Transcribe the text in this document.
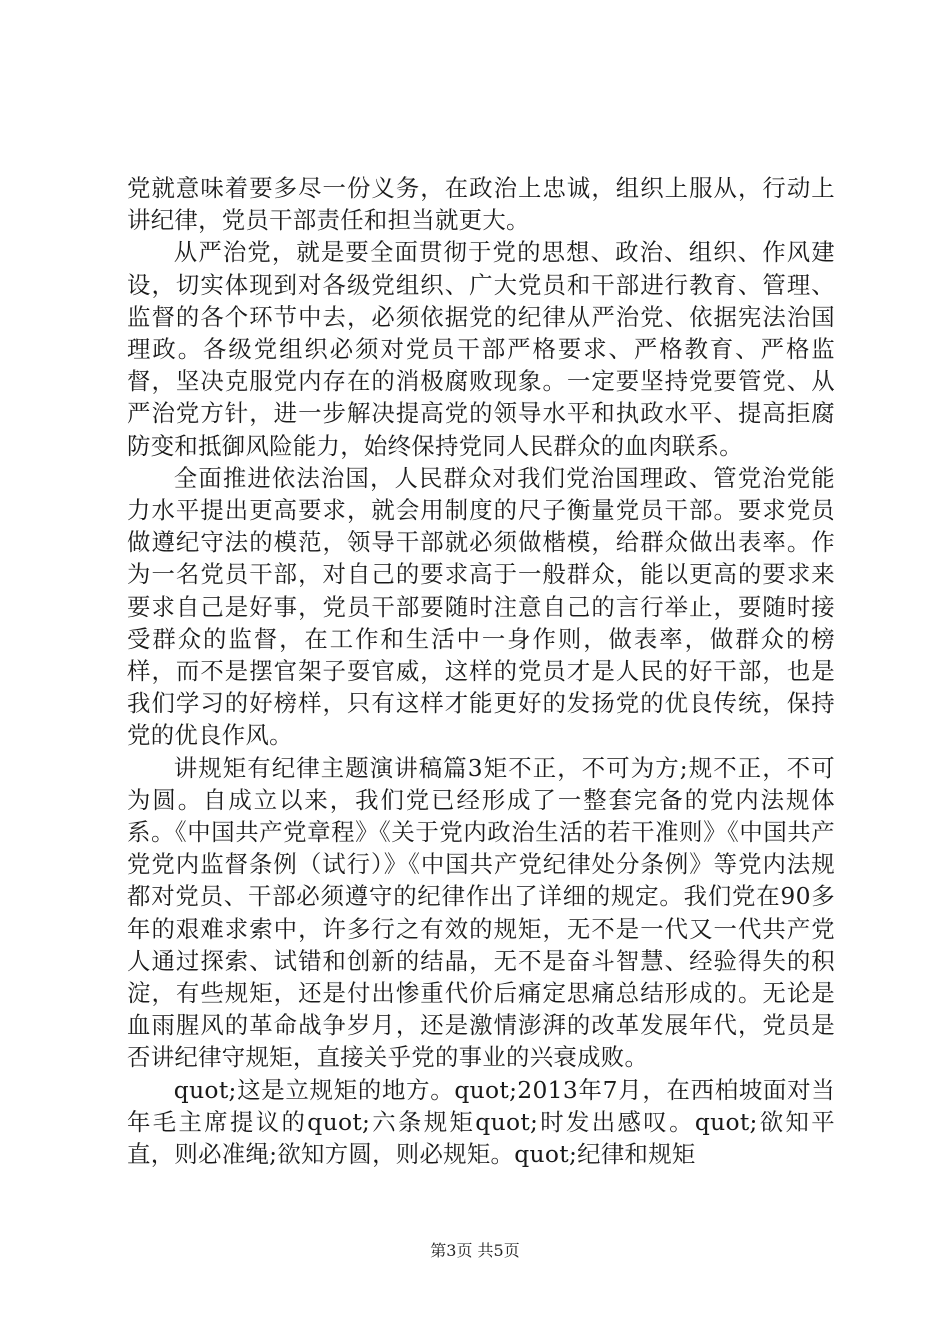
党就意味着要多尽一份义务，在政治上忠诚，组织上服从，行动上讲纪律，党员干部责任和担当就更大。

从严治党，就是要全面贯彻于党的思想、政治、组织、作风建设，切实体现到对各级党组织、广大党员和干部进行教育、管理、监督的各个环节中去，必须依据党的纪律从严治党、依据宪法治国理政。各级党组织必须对党员干部严格要求、严格教育、严格监督，坚决克服党内存在的消极腐败现象。一定要坚持党要管党、从严治党方针，进一步解决提高党的领导水平和执政水平、提高拒腐防变和抵御风险能力，始终保持党同人民群众的血肉联系。

全面推进依法治国，人民群众对我们党治国理政、管党治党能力水平提出更高要求，就会用制度的尺子衡量党员干部。要求党员做遵纪守法的模范，领导干部就必须做楷模，给群众做出表率。作为一名党员干部，对自己的要求高于一般群众，能以更高的要求来要求自己是好事，党员干部要随时注意自己的言行举止，要随时接受群众的监督，在工作和生活中一身作则，做表率，做群众的榜样，而不是摆官架子耍官威，这样的党员才是人民的好干部，也是我们学习的好榜样，只有这样才能更好的发扬党的优良传统，保持党的优良作风。

讲规矩有纪律主题演讲稿篇3矩不正，不可为方;规不正，不可为圆。自成立以来，我们党已经形成了一整套完备的党内法规体系。《中国共产党章程》《关于党内政治生活的若干准则》《中国共产党党内监督条例（试行）》《中国共产党纪律处分条例》等党内法规都对党员、干部必须遵守的纪律作出了详细的规定。我们党在90多年的艰难求索中，许多行之有效的规矩，无不是一代又一代共产党人通过探索、试错和创新的结晶，无不是奋斗智慧、经验得失的积淀，有些规矩，还是付出惨重代价后痛定思痛总结形成的。无论是血雨腥风的革命战争岁月，还是激情澎湃的改革发展年代，党员是否讲纪律守规矩，直接关乎党的事业的兴衰成败。

quot;这是立规矩的地方。quot;2013年7月，在西柏坡面对当年毛主席提议的quot;六条规矩quot;时发出感叹。quot;欲知平直，则必准绳;欲知方圆，则必规矩。quot;纪律和规矩

第3页 共5页
